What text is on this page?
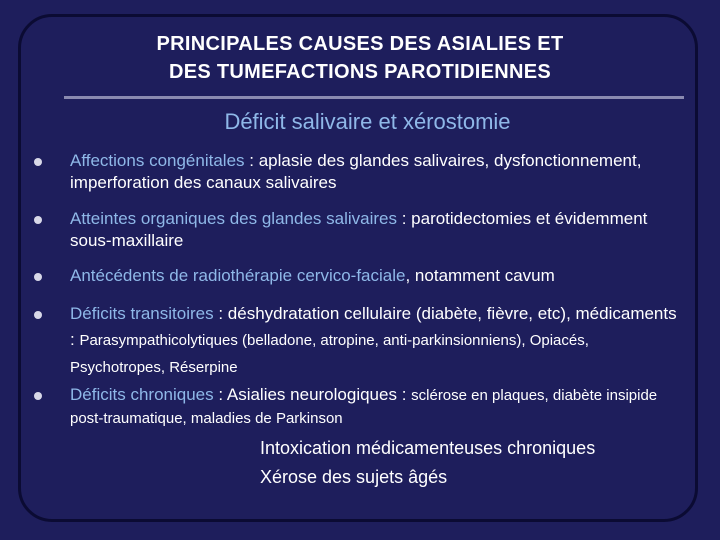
PRINCIPALES CAUSES DES ASIALIES ET
DES TUMEFACTIONS PAROTIDIENNES
Déficit salivaire et xérostomie
Affections congénitales : aplasie des glandes salivaires, dysfonctionnement, imperforation des canaux salivaires
Atteintes organiques des glandes salivaires : parotidectomies et évidemment sous-maxillaire
Antécédents de radiothérapie cervico-faciale, notamment cavum
Déficits transitoires : déshydratation cellulaire (diabète, fièvre, etc), médicaments : Parasympathicolytiques (belladone, atropine, anti-parkinsionniens), Opiacés, Psychotropes, Réserpine
Déficits chroniques : Asialies neurologiques : sclérose en plaques, diabète insipide post-traumatique, maladies de Parkinson
Intoxication médicamenteuses chroniques
Xérose des sujets âgés
